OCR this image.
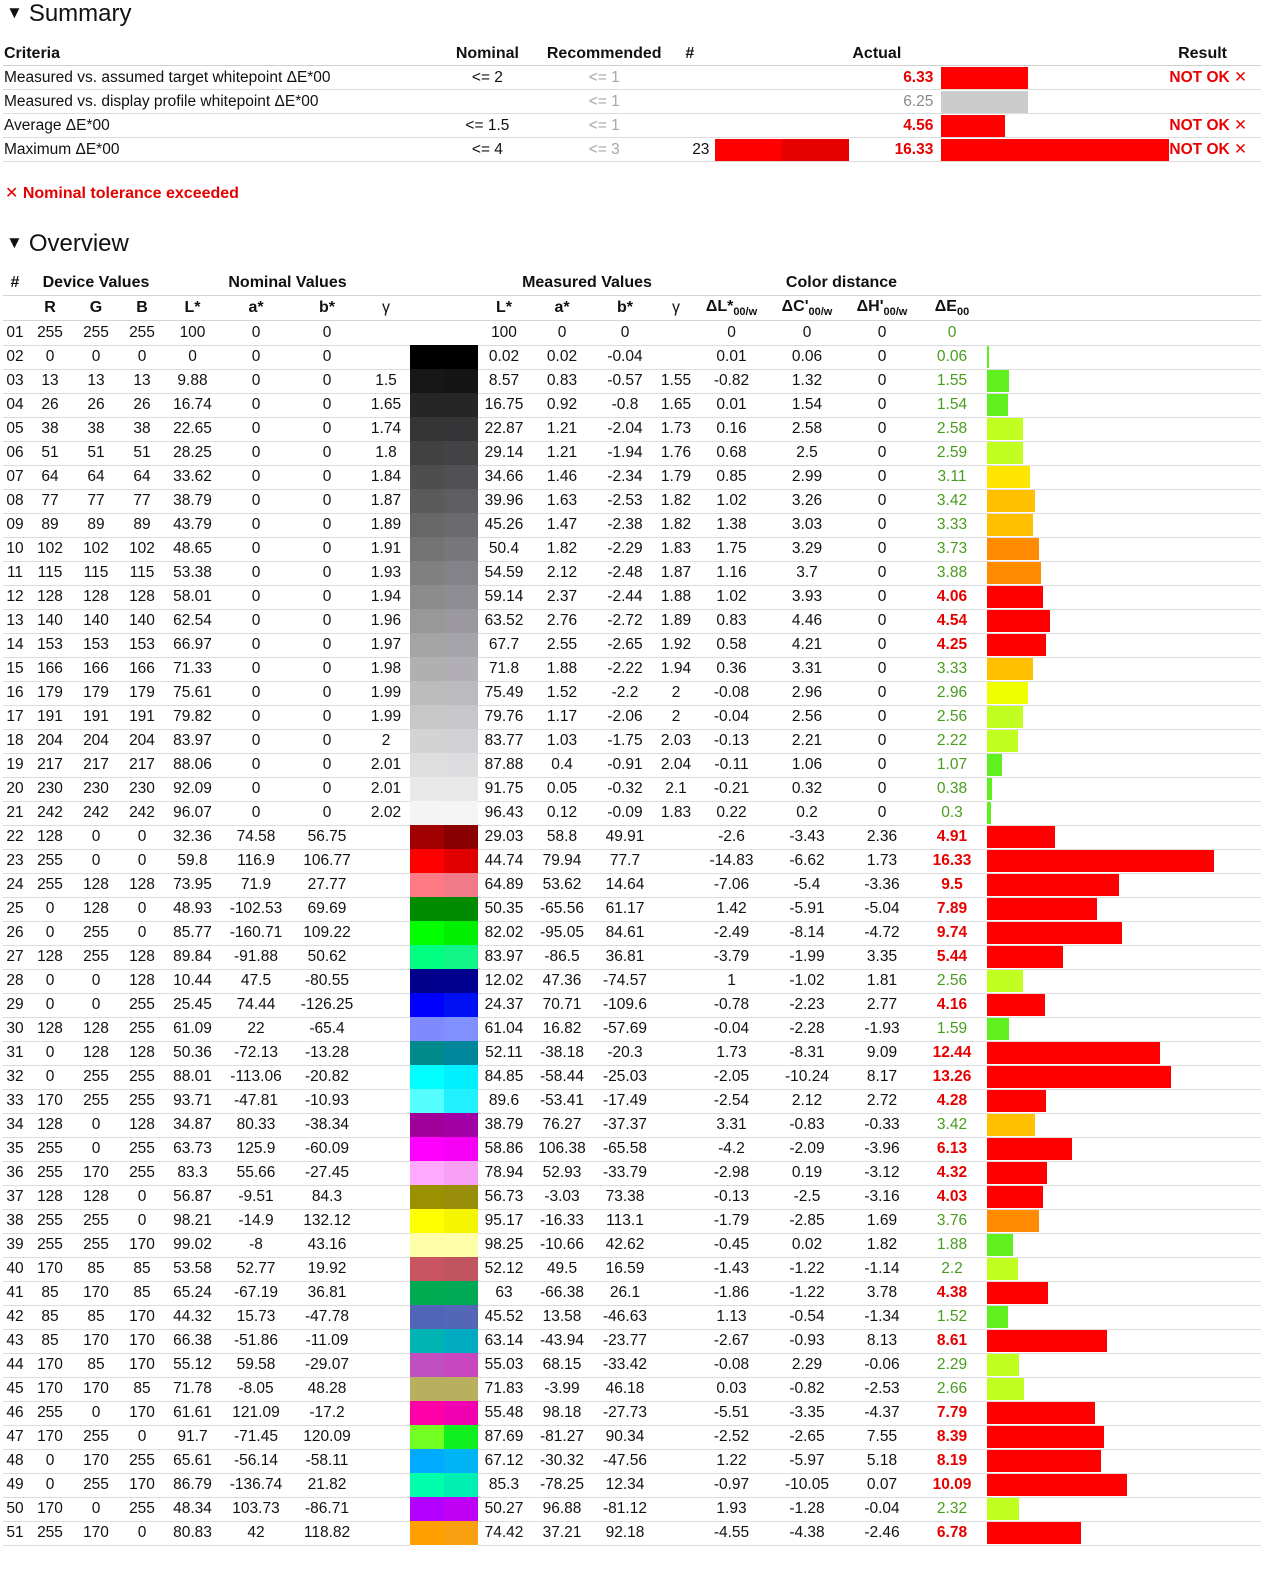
▼ Summary
Criteria	Nominal	Recommended	#		Actual		Result
Measured vs. assumed target whitepoint ΔE*00	<= 2	<= 1			6.33		NOT OK ✕
Measured vs. display profile whitepoint ΔE*00		<= 1			6.25	

Average ΔE*00	<= 1.5	<= 1			4.56		NOT OK ✕
Maximum ΔE*00	<= 4	<= 3	23		16.33		NOT OK ✕
✕ Nominal tolerance exceeded
▼ Overview
#	Device Values			Nominal Values					Measured Values				Color distance				
	R	G	B	L*	a*	b*	γ		L*	a*	b*	γ	$\Delta L*_{00/w}$	$\Delta C'_{00/w}$	$\Delta H'_{00/w}$	$\Delta E_{00}$	
01	255	255	255	100	0	0			100	0	0		0	0	0	0	

02	0	0	0	0	0	0			0.02	0.02	-0.04		0.01	0.06	0	0.06	

03	13	13	13	9.88	0	0	1.5		8.57	0.83	-0.57	1.55	-0.82	1.32	0	1.55	

04	26	26	26	16.74	0	0	1.65		16.75	0.92	-0.8	1.65	0.01	1.54	0	1.54	

05	38	38	38	22.65	0	0	1.74		22.87	1.21	-2.04	1.73	0.16	2.58	0	2.58	

06	51	51	51	28.25	0	0	1.8		29.14	1.21	-1.94	1.76	0.68	2.5	0	2.59	

07	64	64	64	33.62	0	0	1.84		34.66	1.46	-2.34	1.79	0.85	2.99	0	3.11	

08	77	77	77	38.79	0	0	1.87		39.96	1.63	-2.53	1.82	1.02	3.26	0	3.42	

09	89	89	89	43.79	0	0	1.89		45.26	1.47	-2.38	1.82	1.38	3.03	0	3.33	

10	102	102	102	48.65	0	0	1.91		50.4	1.82	-2.29	1.83	1.75	3.29	0	3.73	

11	115	115	115	53.38	0	0	1.93		54.59	2.12	-2.48	1.87	1.16	3.7	0	3.88	

12	128	128	128	58.01	0	0	1.94		59.14	2.37	-2.44	1.88	1.02	3.93	0	4.06	

13	140	140	140	62.54	0	0	1.96		63.52	2.76	-2.72	1.89	0.83	4.46	0	4.54	

14	153	153	153	66.97	0	0	1.97		67.7	2.55	-2.65	1.92	0.58	4.21	0	4.25	

15	166	166	166	71.33	0	0	1.98		71.8	1.88	-2.22	1.94	0.36	3.31	0	3.33	

16	179	179	179	75.61	0	0	1.99		75.49	1.52	-2.2	2	-0.08	2.96	0	2.96	

17	191	191	191	79.82	0	0	1.99		79.76	1.17	-2.06	2	-0.04	2.56	0	2.56	

18	204	204	204	83.97	0	0	2		83.77	1.03	-1.75	2.03	-0.13	2.21	0	2.22	

19	217	217	217	88.06	0	0	2.01		87.88	0.4	-0.91	2.04	-0.11	1.06	0	1.07	

20	230	230	230	92.09	0	0	2.01		91.75	0.05	-0.32	2.1	-0.21	0.32	0	0.38	

21	242	242	242	96.07	0	0	2.02		96.43	0.12	-0.09	1.83	0.22	0.2	0	0.3	

22	128	0	0	32.36	74.58	56.75			29.03	58.8	49.91		-2.6	-3.43	2.36	4.91	

23	255	0	0	59.8	116.9	106.77			44.74	79.94	77.7		-14.83	-6.62	1.73	16.33	

24	255	128	128	73.95	71.9	27.77			64.89	53.62	14.64		-7.06	-5.4	-3.36	9.5	

25	0	128	0	48.93	-102.53	69.69			50.35	-65.56	61.17		1.42	-5.91	-5.04	7.89	

26	0	255	0	85.77	-160.71	109.22			82.02	-95.05	84.61		-2.49	-8.14	-4.72	9.74	

27	128	255	128	89.84	-91.88	50.62			83.97	-86.5	36.81		-3.79	-1.99	3.35	5.44	

28	0	0	128	10.44	47.5	-80.55			12.02	47.36	-74.57		1	-1.02	1.81	2.56	

29	0	0	255	25.45	74.44	-126.25			24.37	70.71	-109.6		-0.78	-2.23	2.77	4.16	

30	128	128	255	61.09	22	-65.4			61.04	16.82	-57.69		-0.04	-2.28	-1.93	1.59	

31	0	128	128	50.36	-72.13	-13.28			52.11	-38.18	-20.3		1.73	-8.31	9.09	12.44	

32	0	255	255	88.01	-113.06	-20.82			84.85	-58.44	-25.03		-2.05	-10.24	8.17	13.26	

33	170	255	255	93.71	-47.81	-10.93			89.6	-53.41	-17.49		-2.54	2.12	2.72	4.28	

34	128	0	128	34.87	80.33	-38.34			38.79	76.27	-37.37		3.31	-0.83	-0.33	3.42	

35	255	0	255	63.73	125.9	-60.09			58.86	106.38	-65.58		-4.2	-2.09	-3.96	6.13	

36	255	170	255	83.3	55.66	-27.45			78.94	52.93	-33.79		-2.98	0.19	-3.12	4.32	

37	128	128	0	56.87	-9.51	84.3			56.73	-3.03	73.38		-0.13	-2.5	-3.16	4.03	

38	255	255	0	98.21	-14.9	132.12			95.17	-16.33	113.1		-1.79	-2.85	1.69	3.76	

39	255	255	170	99.02	-8	43.16			98.25	-10.66	42.62		-0.45	0.02	1.82	1.88	

40	170	85	85	53.58	52.77	19.92			52.12	49.5	16.59		-1.43	-1.22	-1.14	2.2	

41	85	170	85	65.24	-67.19	36.81			63	-66.38	26.1		-1.86	-1.22	3.78	4.38	

42	85	85	170	44.32	15.73	-47.78			45.52	13.58	-46.63		1.13	-0.54	-1.34	1.52	

43	85	170	170	66.38	-51.86	-11.09			63.14	-43.94	-23.77		-2.67	-0.93	8.13	8.61	

44	170	85	170	55.12	59.58	-29.07			55.03	68.15	-33.42		-0.08	2.29	-0.06	2.29	

45	170	170	85	71.78	-8.05	48.28			71.83	-3.99	46.18		0.03	-0.82	-2.53	2.66	

46	255	0	170	61.61	121.09	-17.2			55.48	98.18	-27.73		-5.51	-3.35	-4.37	7.79	

47	170	255	0	91.7	-71.45	120.09			87.69	-81.27	90.34		-2.52	-2.65	7.55	8.39	

48	0	170	255	65.61	-56.14	-58.11			67.12	-30.32	-47.56		1.22	-5.97	5.18	8.19	

49	0	255	170	86.79	-136.74	21.82			85.3	-78.25	12.34		-0.97	-10.05	0.07	10.09	

50	170	0	255	48.34	103.73	-86.71			50.27	96.88	-81.12		1.93	-1.28	-0.04	2.32	

51	255	170	0	80.83	42	118.82			74.42	37.21	92.18		-4.55	-4.38	-2.46	6.78	
